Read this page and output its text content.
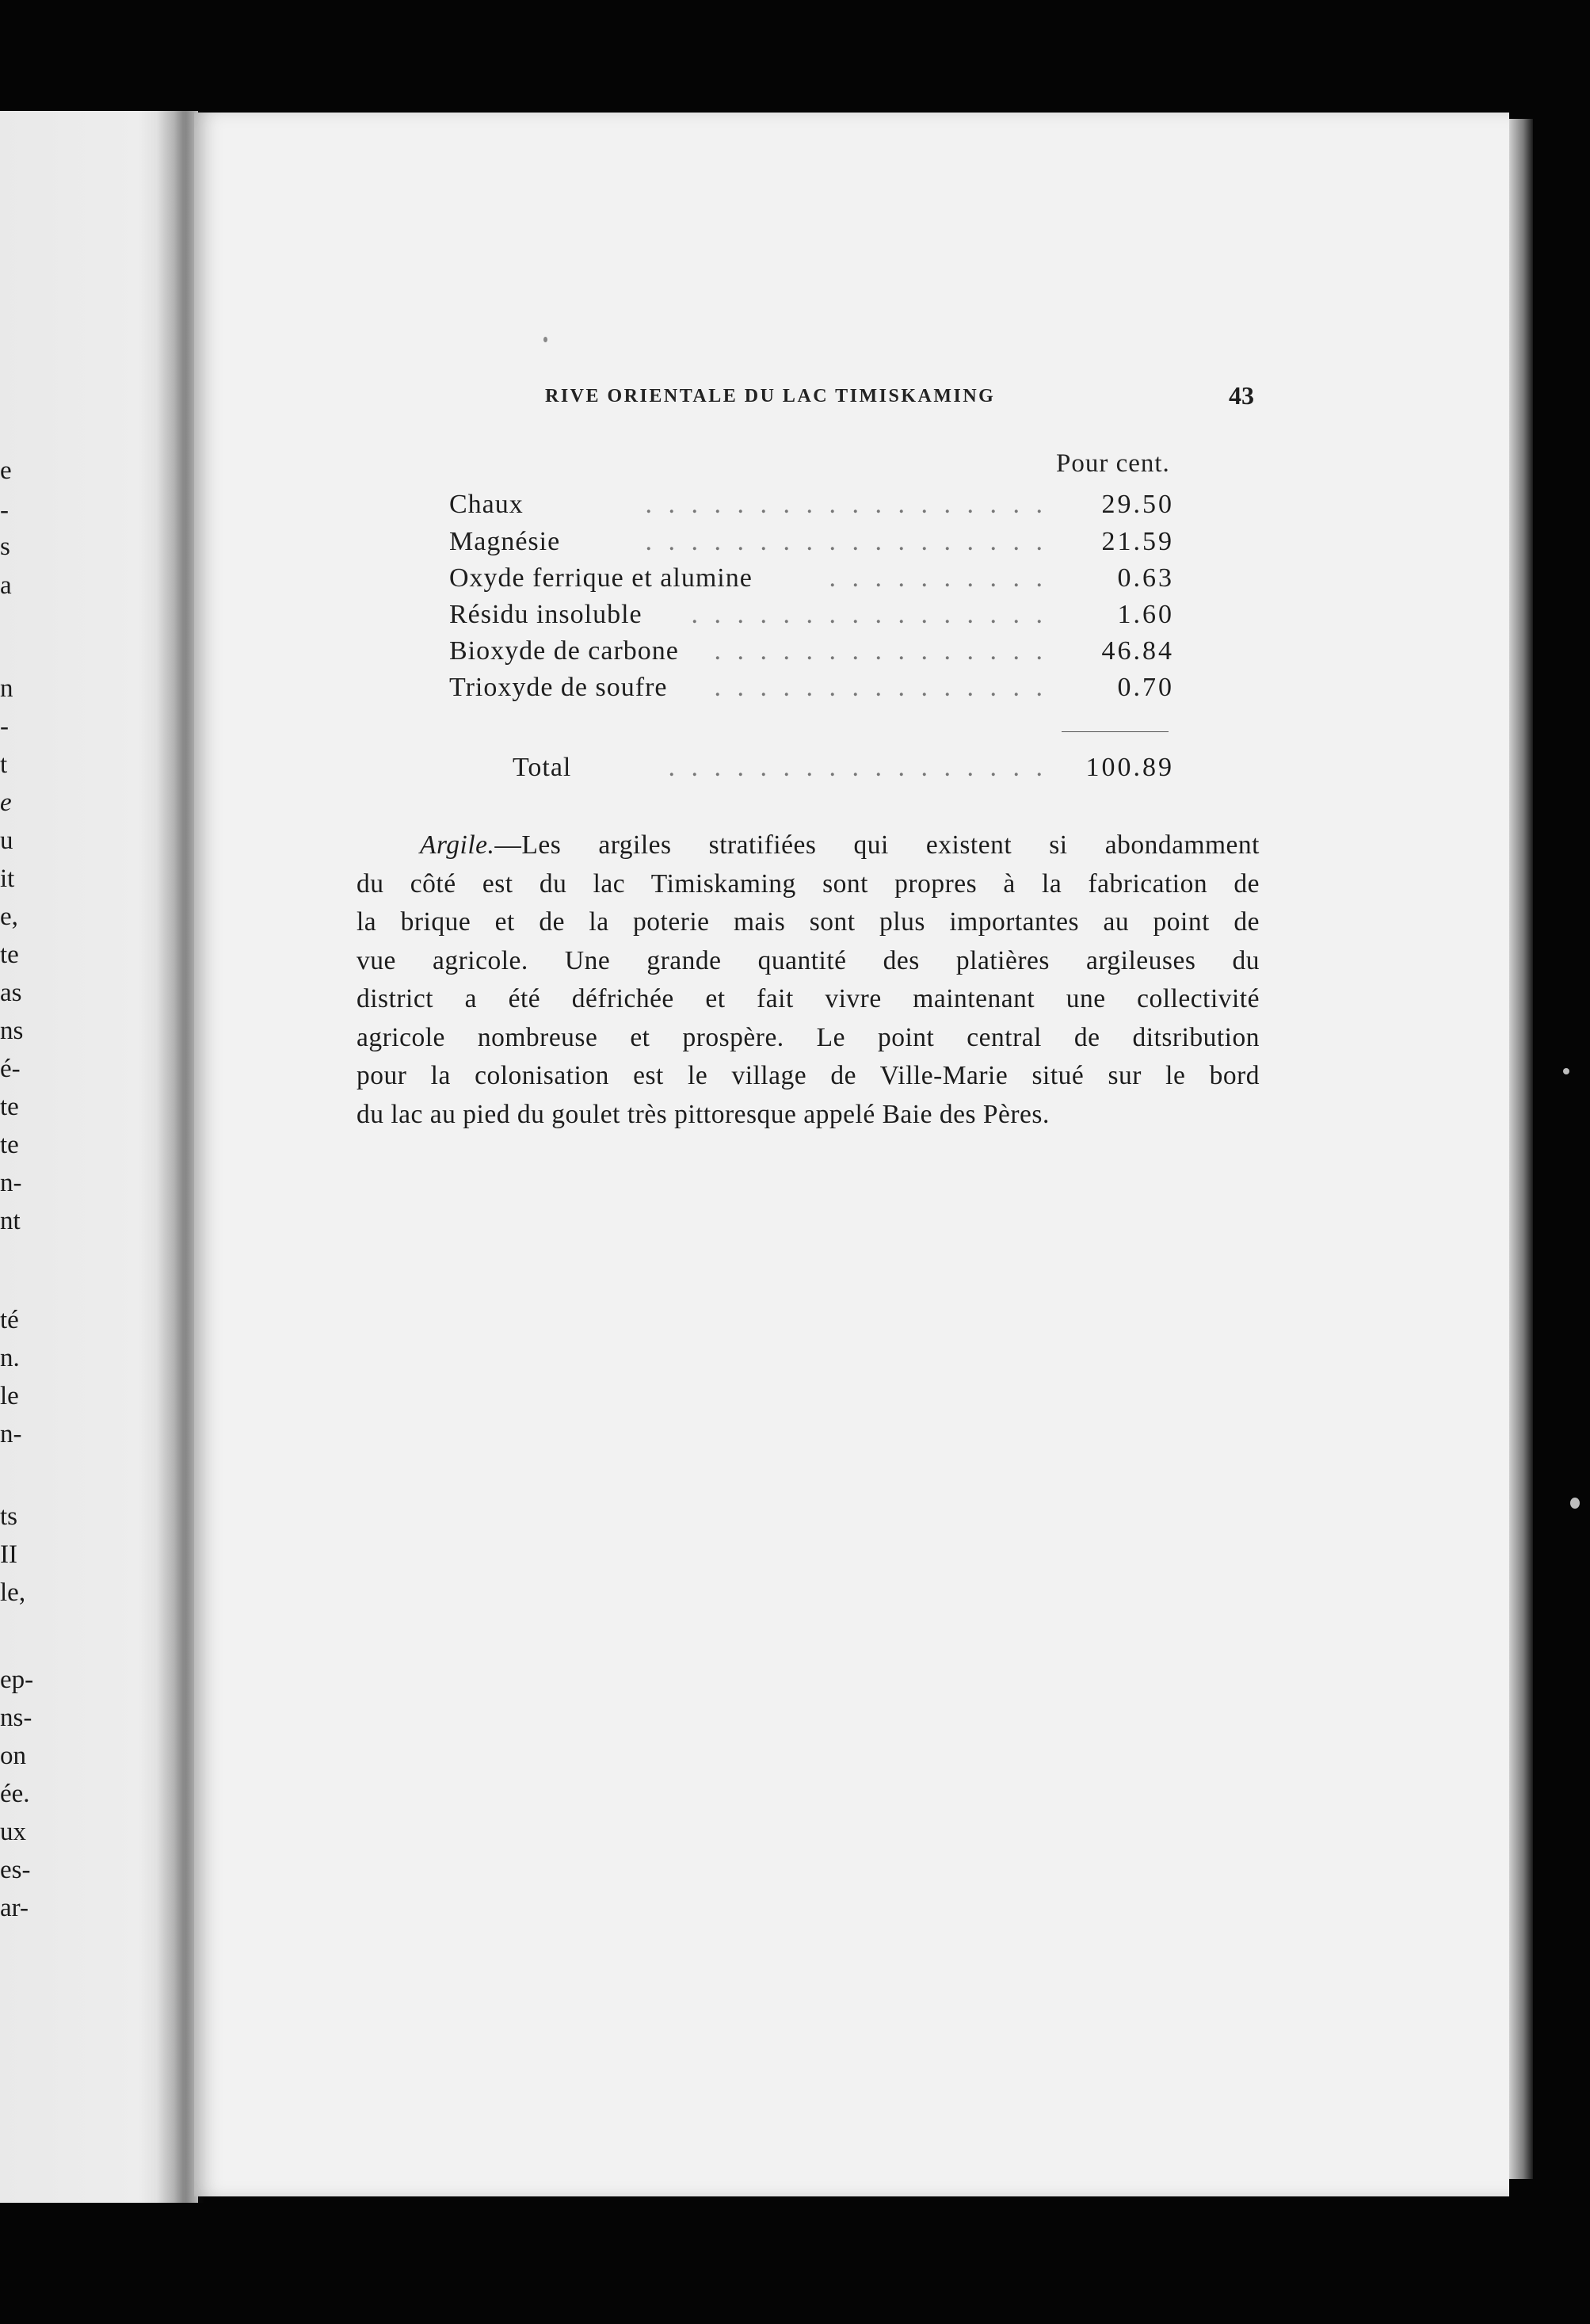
e
-
s
a
n
-
t
e
u
it
e,
te
as
ns
é-
te
te
n-
nt
té
n.
le
n-
ts
II
le,
ep-
ns-
on
ée.
ux
es-
ar-
RIVE ORIENTALE DU LAC TIMISKAMING	43
Pour cent.
Chaux	. . . . . . . . . . . . . . . . . .	29.50
Magnésie	. . . . . . . . . . . . . . . . . .	21.59
Oxyde ferrique et alumine	. . . . . . . . . .	0.63
Résidu insoluble . . . . . . . . . . . . . . . .	1.60
Bioxyde de carbone . . . . . . . . . . . . . . .	46.84
Trioxyde de soufre . . . . . . . . . . . . . . .	0.70
Total	. . . . . . . . . . . . . . . . .	100.89
Argile.—Les argiles stratifiées qui existent si abondamment
du côté est du lac Timiskaming sont propres à la fabrication de
la brique et de la poterie mais sont plus importantes au point de
vue agricole. Une grande quantité des platières argileuses du
district a été défrichée et fait vivre maintenant une collectivité
agricole nombreuse et prospère. Le point central de ditsribution
pour la colonisation est le village de Ville-Marie situé sur le bord
du lac au pied du goulet très pittoresque appelé Baie des Pères.
